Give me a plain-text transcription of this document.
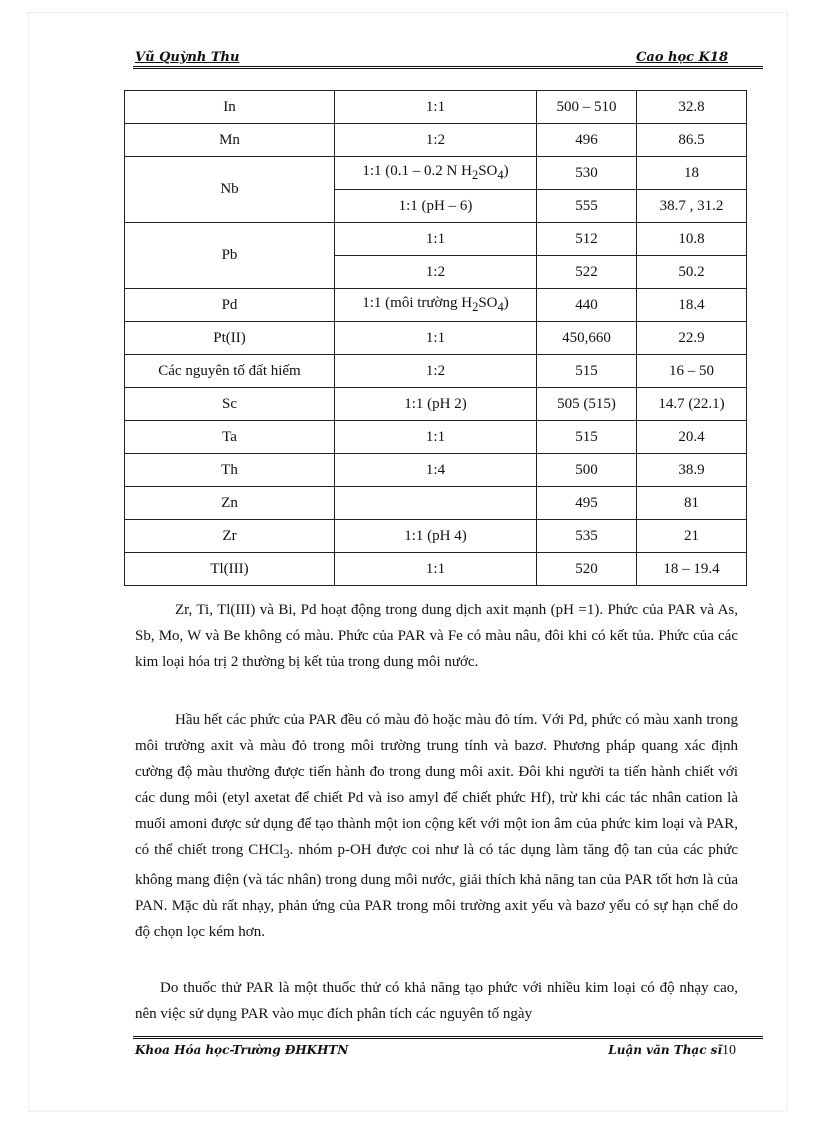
Vũ Quỳnh Thu	Cao học K18
In	1:1	500 – 510	32.8
Mn	1:2	496	86.5
Nb	1:1 (0.1 – 0.2 N $H_2SO_4$)	530	18
	1:1 (pH – 6)	555	38.7 , 31.2
Pb	1:1	512	10.8
	1:2	522	50.2
Pd	1:1 (môi trường $H_2SO_4$)	440	18.4
Pt(II)	1:1	450,660	22.9
Các nguyên tố đất hiếm	1:2	515	16 – 50
Sc	1:1 (pH 2)	505 (515)	14.7 (22.1)
Ta	1:1	515	20.4
Th	1:4	500	38.9
Zn		495	81
Zr	1:1 (pH 4)	535	21
Tl(III)	1:1	520	18 – 19.4

Zr, Ti, Tl(III) và Bi, Pd hoạt động trong dung dịch axit mạnh (pH =1). Phức của PAR và As, Sb, Mo, W và Be không có màu. Phức của PAR và Fe có màu nâu, đôi khi có kết tủa. Phức của các kim loại hóa trị 2 thường bị kết tủa trong dung môi nước.

Hầu hết các phức của PAR đều có màu đỏ hoặc màu đỏ tím. Với Pd, phức có màu xanh trong môi trường axit và màu đỏ trong môi trường trung tính và bazơ. Phương pháp quang xác định cường độ màu thường được tiến hành đo trong dung môi axit. Đôi khi người ta tiến hành chiết với các dung môi (etyl axetat để chiết Pd và iso amyl để chiết phức Hf), trừ khi các tác nhân cation là muối amoni được sử dụng để tạo thành một ion cộng kết với một ion âm của phức kim loại và PAR, có thể chiết trong CHCl$_3$. nhóm p-OH được coi như là có tác dụng làm tăng độ tan của các phức không mang điện (và tác nhân) trong dung môi nước, giải thích khả năng tan của PAR tốt hơn là của PAN. Mặc dù rất nhạy, phản ứng của PAR trong môi trường axit yếu và bazơ yếu có sự hạn chế do độ chọn lọc kém hơn.

Do thuốc thử PAR là một thuốc thử có khả năng tạo phức với nhiều kim loại có độ nhạy cao, nên việc sử dụng PAR vào mục đích phân tích các nguyên tố ngày

Khoa Hóa học-Trường ĐHKHTN	Luận văn Thạc sĩ10
